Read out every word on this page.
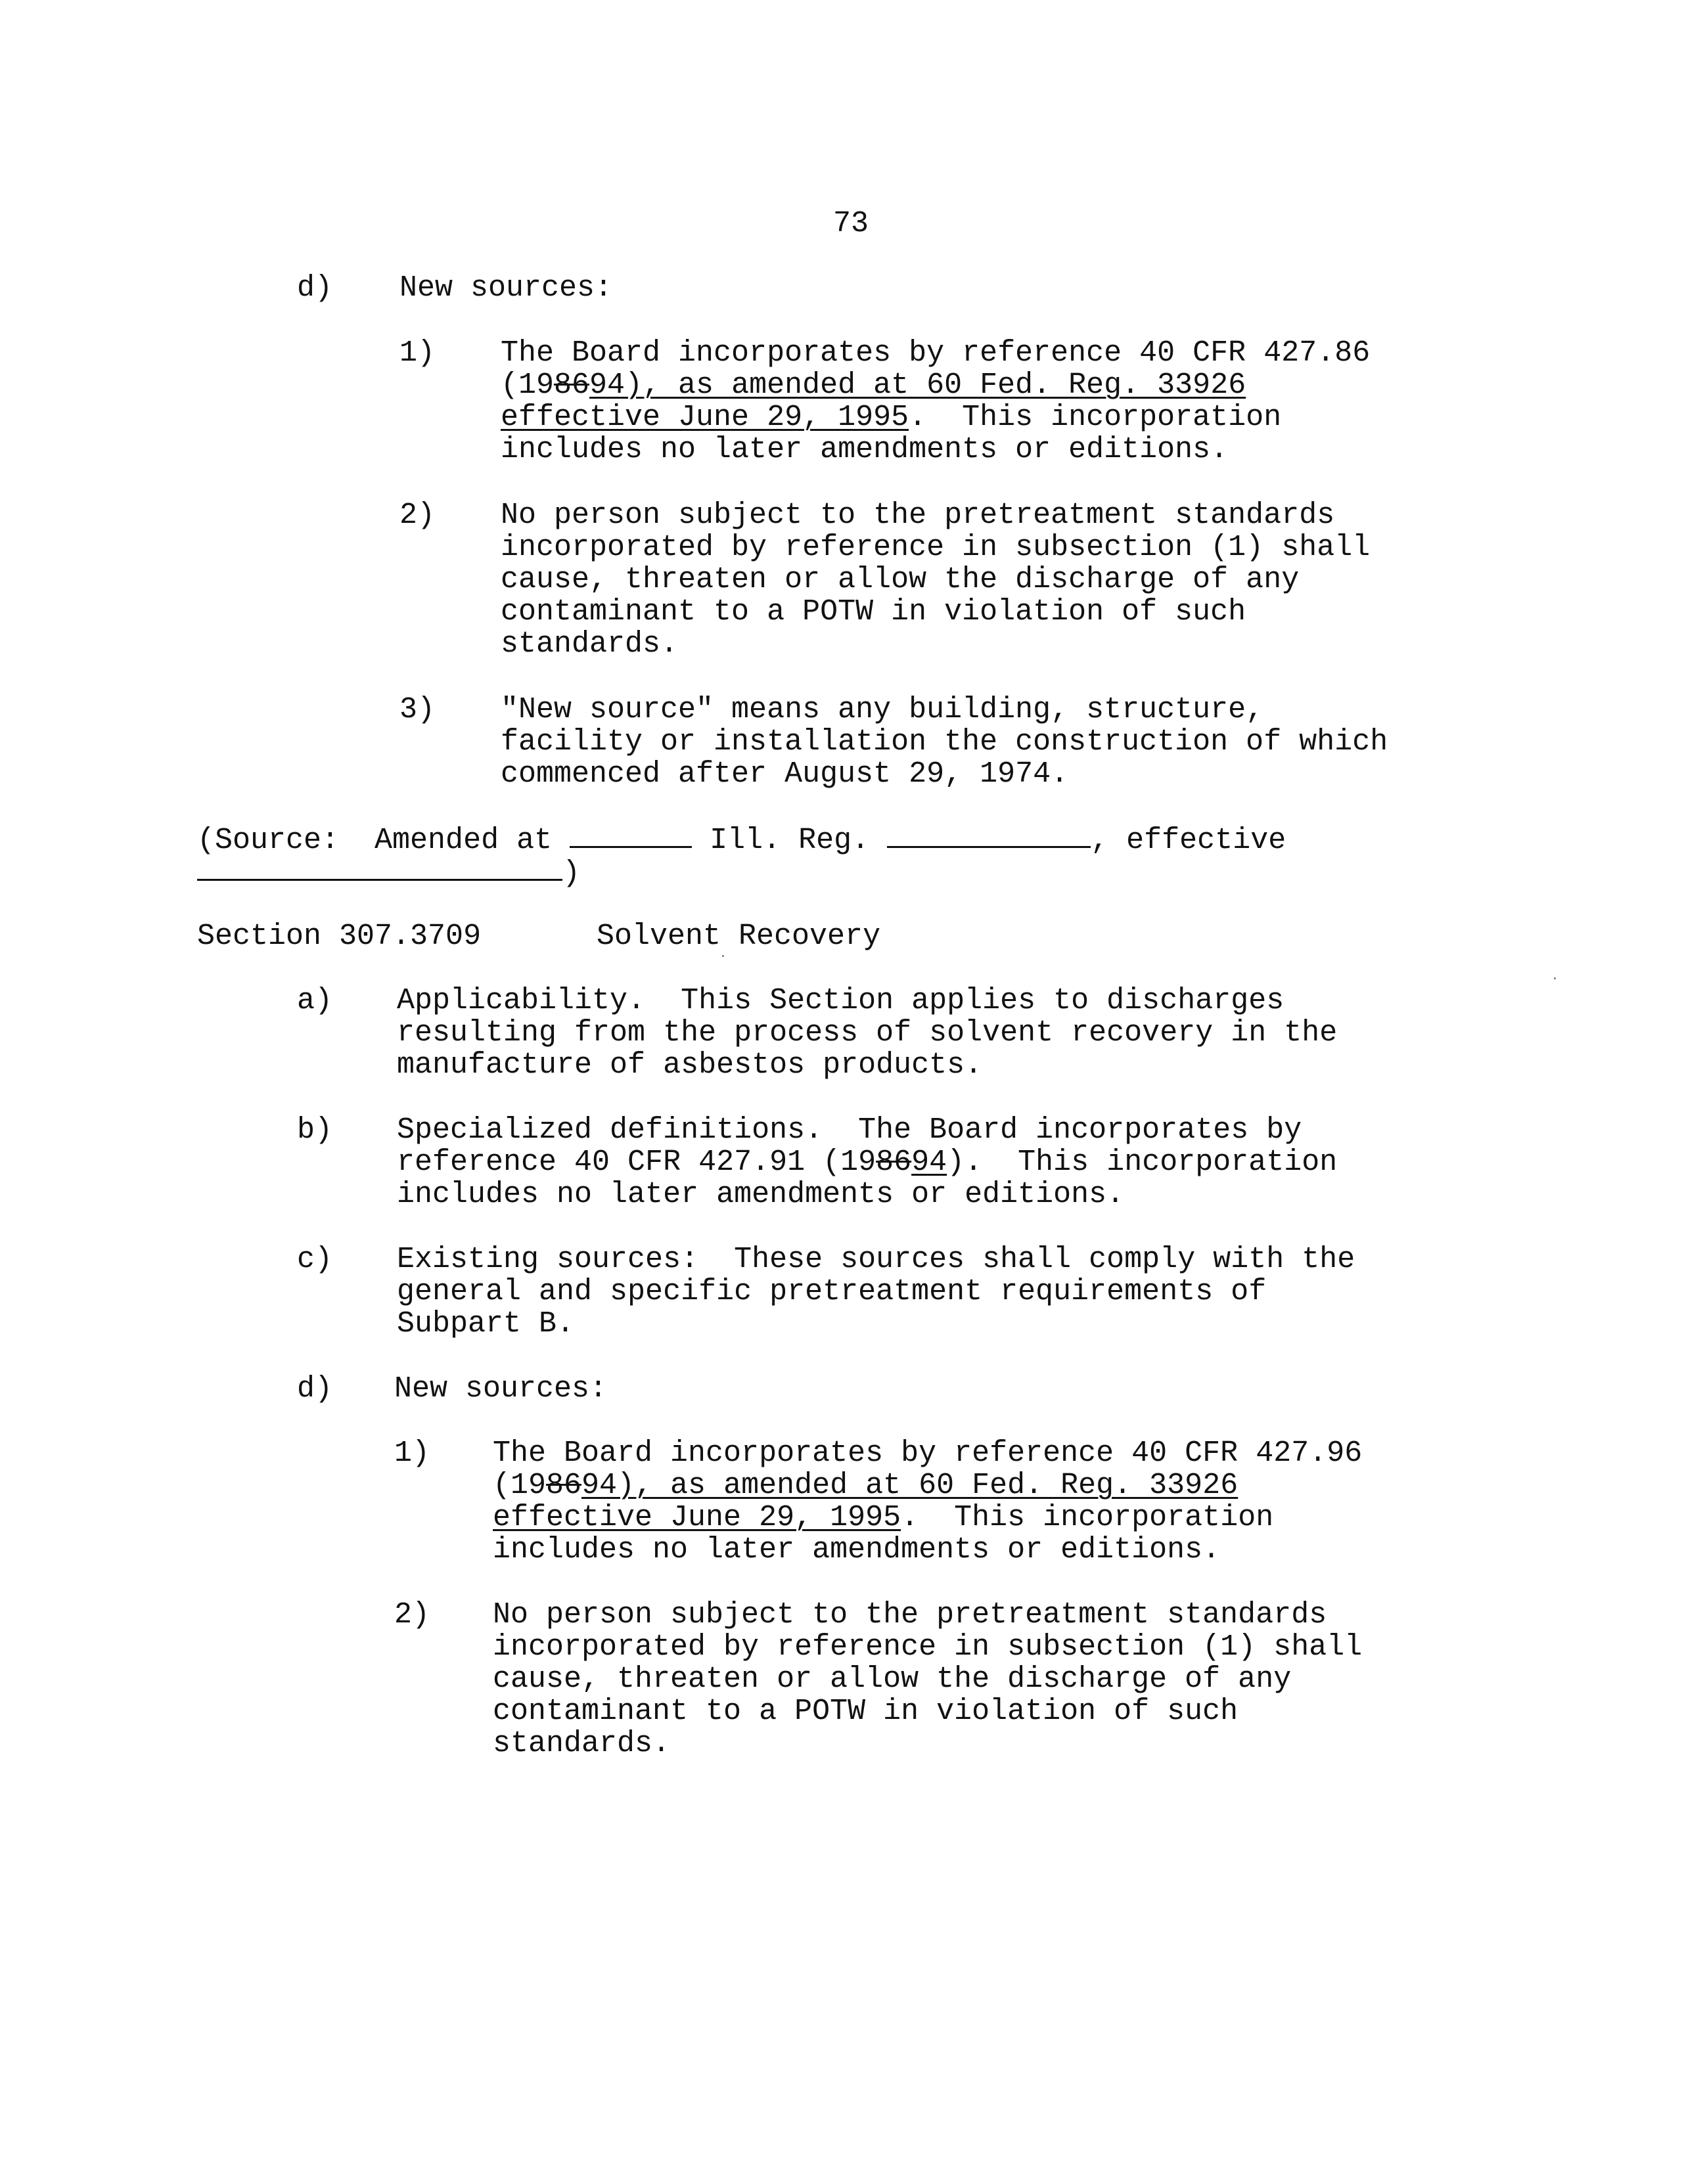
73
d) New sources:
1) The Board incorporates by reference 40 CFR 427.86
(198694), as amended at 60 Fed. Reg. 33926
effective June 29, 1995.  This incorporation
includes no later amendments or editions.
2) No person subject to the pretreatment standards
incorporated by reference in subsection (1) shall
cause, threaten or allow the discharge of any
contaminant to a POTW in violation of such
standards.
3) "New source" means any building, structure,
facility or installation the construction of which
commenced after August 29, 1974.
(Source:  Amended at	Ill. Reg.	, effective
)
Section 307.3709	Solvent Recovery
a) Applicability.  This Section applies to discharges
resulting from the process of solvent recovery in the
manufacture of asbestos products.
b) Specialized definitions.  The Board incorporates by
reference 40 CFR 427.91 (198694).  This incorporation
includes no later amendments or editions.
c) Existing sources:  These sources shall comply with the
general and specific pretreatment requirements of
Subpart B.
d) New sources:
1) The Board incorporates by reference 40 CFR 427.96
(198694), as amended at 60 Fed. Reg. 33926
effective June 29, 1995.  This incorporation
includes no later amendments or editions.
2) No person subject to the pretreatment standards
incorporated by reference in subsection (1) shall
cause, threaten or allow the discharge of any
contaminant to a POTW in violation of such
standards.
